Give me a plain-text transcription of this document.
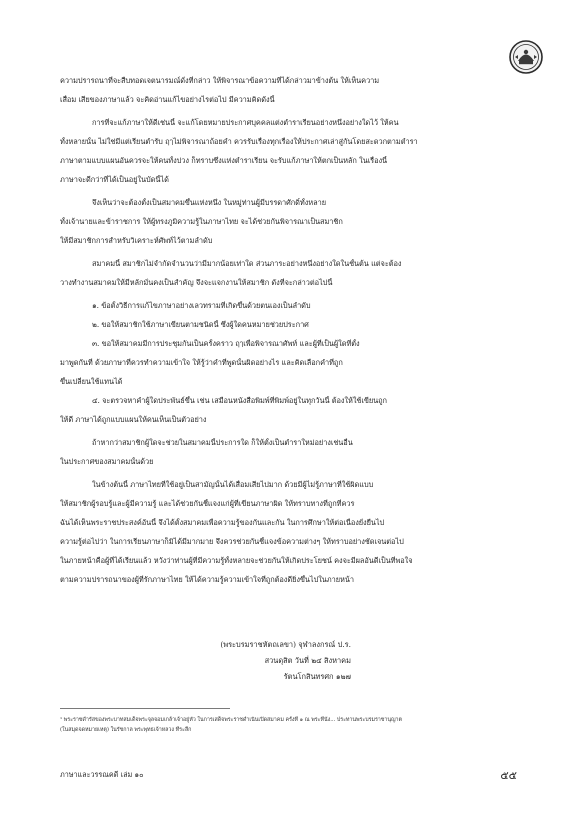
ความปรารถนาที่จะสืบทอดเจตนารมณ์ดั่งที่กล่าว ให้พิจารณาข้อความที่ได้กล่าวมาข้างต้น ให้เห็นความ
เสื่อม เสียของภาษาแล้ว จะคิดอ่านแก้ไขอย่างไรต่อไป มีความคิดดังนี้
การที่จะแก้ภาษาให้ดีเช่นนี้ จะแก้โดยหมายประกาศบุคคลแต่งตำราเรียนอย่างหนึ่งอย่างใดไว้ ให้คน
ทั้งหลายนั้น ไม่ใช่มีแต่เรียนตำรับ ฤๅไม่พิจารณาถ้อยคำ ควรรับเรื่องทุกเรื่องให้ประกาศเล่าสู่กันโดยสะดวกตามตำรา
ภาษาตามแบบแผนอันควรจะให้คนทั้งปวง ก็ทราบซึ่งแห่งตำราเรียน จะรับแก้ภาษาให้ตกเป็นหลัก ในเรื่องนี้
ภาษาจะดีกว่าที่ได้เป็นอยู่ในบัดนี้ได้
จึงเห็นว่าจะต้องตั้งเป็นสมาคมขึ้นแห่งหนึ่ง ในหมู่ท่านผู้มีบรรดาศักดิ์ทั้งหลาย
ทั้งเจ้านายและข้าราชการ ให้ผู้ทรงภูมิความรู้ในภาษาไทย จะได้ช่วยกันพิจารณาเป็นสมาชิก
ให้มีสมาชิกการสำหรับวิเคราะห์ศัพท์ไว้ตามลำดับ
สมาคมนี้ สมาชิกไม่จำกัดจำนวนว่ามีมากน้อยเท่าใด ส่วนภาระอย่างหนึ่งอย่างใดในชั้นต้น แต่จะต้อง
วางทำงานสมาคมให้มีหลักมั่นคงเป็นสำคัญ จึงจะแจกงานให้สมาชิก ดังที่จะกล่าวต่อไปนี้
๑. ข้อตั้งวิธีการแก้ไขภาษาอย่างเลวทรามที่เกิดขึ้นด้วยตนเองเป็นลำดับ
๒. ขอให้สมาชิกใช้ภาษาเขียนตามชนิดนี้ ซึ่งผู้ใดคนหมายช่วยประกาศ
๓. ขอให้สมาคมมีการประชุมกันเป็นครั้งคราว ฤๅเพื่อพิจารณาศัพท์ และผู้ที่เป็นผู้ใดที่ตั้ง
มาพูดกันที่ ด้วยภาษาที่ควรทำความเข้าใจ ให้รู้ว่าคำที่พูดนั้นผิดอย่างไร และคิดเลือกคำที่ถูก
ขึ้นเปลี่ยนใช้แทนได้
๔. จะตรวจหาคำผู้ใดประพันธ์ขึ้น เช่น เสมือนหนังสือพิมพ์ที่พิมพ์อยู่ในทุกวันนี้ ต้องให้ใช้เขียนถูก
ให้ดี ภาษาได้ถูกแบบแผนให้คนเห็นเป็นตัวอย่าง
ถ้าหากว่าสมาชิกผู้ใดจะช่วยในสมาคมนี้ประการใด ก็ให้ตั้งเป็นตำราใหม่อย่างเช่นอื่น
ในประกาศของสมาคมนั้นด้วย
ในข้างต้นนี้ ภาษาไทยที่ใช้อยู่เป็นสามัญนั้นได้เสื่อมเสียไปมาก ด้วยมีผู้ไม่รู้ภาษาที่ใช้ผิดแบบ
ให้สมาชิกผู้รอบรู้และผู้มีความรู้ และได้ช่วยกันชี้แจงแก่ผู้ที่เขียนภาษาผิด ให้ทราบทางที่ถูกที่ควร
ฉันได้เห็นพระราชประสงค์อันนี้ จึงได้ตั้งสมาคมเพื่อความรู้ของกันและกัน ในการศึกษาให้ต่อเนื่องยั่งยืนไป
ความรู้ต่อไปว่า ในการเรียนภาษาก็มิได้มีมากมาย จึงควรช่วยกันชี้แจงข้อความต่างๆ ให้ทราบอย่างชัดเจนต่อไป
ในภายหน้าคือผู้ที่ได้เรียนแล้ว หวังว่าท่านผู้ที่มีความรู้ทั้งหลายจะช่วยกันให้เกิดประโยชน์ คงจะมีผลอันดีเป็นที่พอใจ
ตามความปรารถนาของผู้ที่รักภาษาไทย ให้ได้ความรู้ความเข้าใจที่ถูกต้องดียิ่งขึ้นไปในภายหน้า
(พระบรมราชหัตถเลขา) จุฬาลงกรณ์ ป.ร.
สวนดุสิต วันที่ ๒๔ สิงหาคม
รัตนโกสินทรศก ๑๒๗
¹ พระราชดำรัสของพระบาทสมเด็จพระจุลจอมเกล้าเจ้าอยู่หัว ในการเสด็จพระราชดำเนินเปิดสมาคม ครั้งที่ ๑ ณ พระที่นั่ง... ประทานพระบรมราชานุญาต
(ในสมุดจดหมายเหตุ) ในรัชกาล พระพุทธเจ้าหลวง ที่ระลึก
ภาษาและวรรณคดี เล่ม ๑๐	๕๕
